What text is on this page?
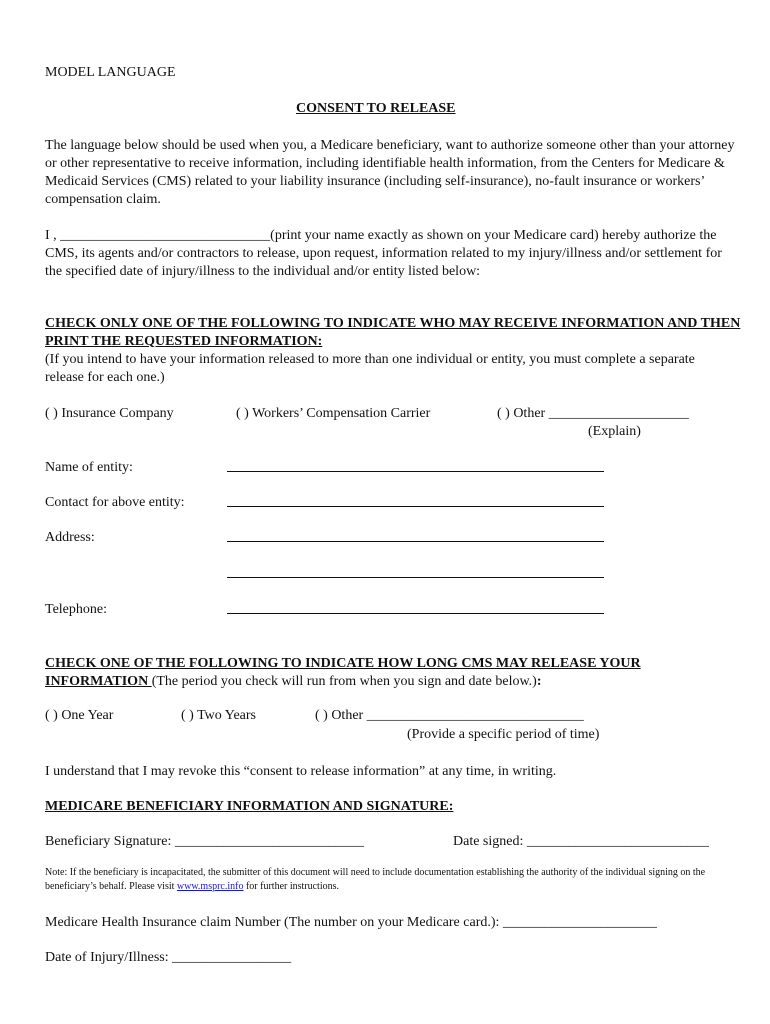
MODEL LANGUAGE
CONSENT TO RELEASE
The language below should be used when you, a Medicare beneficiary, want to authorize someone other than your attorney or other representative to receive information, including identifiable health information, from the Centers for Medicare & Medicaid Services (CMS) related to your liability insurance (including self-insurance), no-fault insurance or workers’ compensation claim.
I , ______________________________(print your name exactly as shown on your Medicare card) hereby authorize the CMS, its agents and/or contractors to release, upon request, information related to my injury/illness and/or settlement for the specified date of injury/illness to the individual and/or entity listed below:
CHECK ONLY ONE OF THE FOLLOWING TO INDICATE WHO MAY RECEIVE INFORMATION AND THEN PRINT THE REQUESTED INFORMATION:
(If you intend to have your information released to more than one individual or entity, you must complete a separate release for each one.)
( ) Insurance Company	( ) Workers’ Compensation Carrier	( ) Other ____________________
(Explain)
Name of entity:
Contact for above entity:
Address:
Telephone:
CHECK ONE OF THE FOLLOWING TO INDICATE HOW LONG CMS MAY RELEASE YOUR
INFORMATION (The period you check will run from when you sign and date below.):
( ) One Year	( ) Two Years	( ) Other _______________________________
(Provide a specific period of time)
I understand that I may revoke this “consent to release information” at any time, in writing.
MEDICARE BENEFICIARY INFORMATION AND SIGNATURE:
Beneficiary Signature: ___________________________	Date signed: __________________________
Note: If the beneficiary is incapacitated, the submitter of this document will need to include documentation establishing the authority of the individual signing on the beneficiary’s behalf. Please visit www.msprc.info for further instructions.
Medicare Health Insurance claim Number (The number on your Medicare card.): ______________________
Date of Injury/Illness: _________________
